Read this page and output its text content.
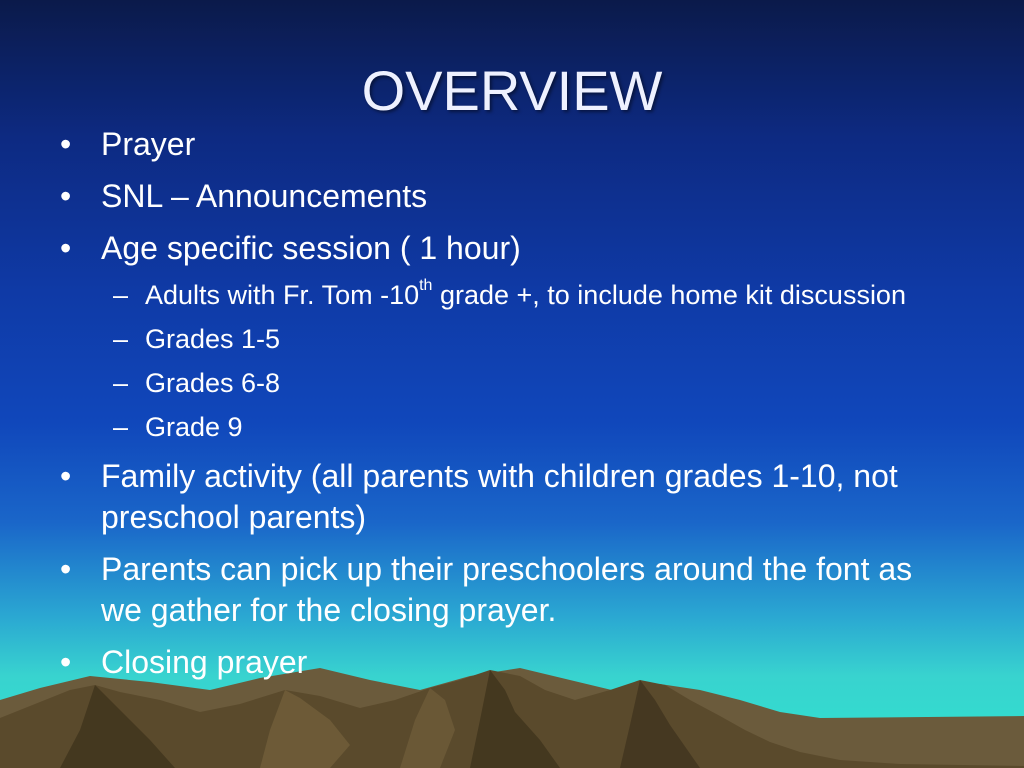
OVERVIEW
• Prayer
• SNL – Announcements
• Age specific session ( 1 hour)
– Adults with Fr. Tom -10th grade +, to include home kit discussion
– Grades 1-5
– Grades 6-8
– Grade 9
• Family activity (all parents with children grades 1-10, not preschool parents)
• Parents can pick up their preschoolers around the font as we gather for the closing prayer.
• Closing prayer
